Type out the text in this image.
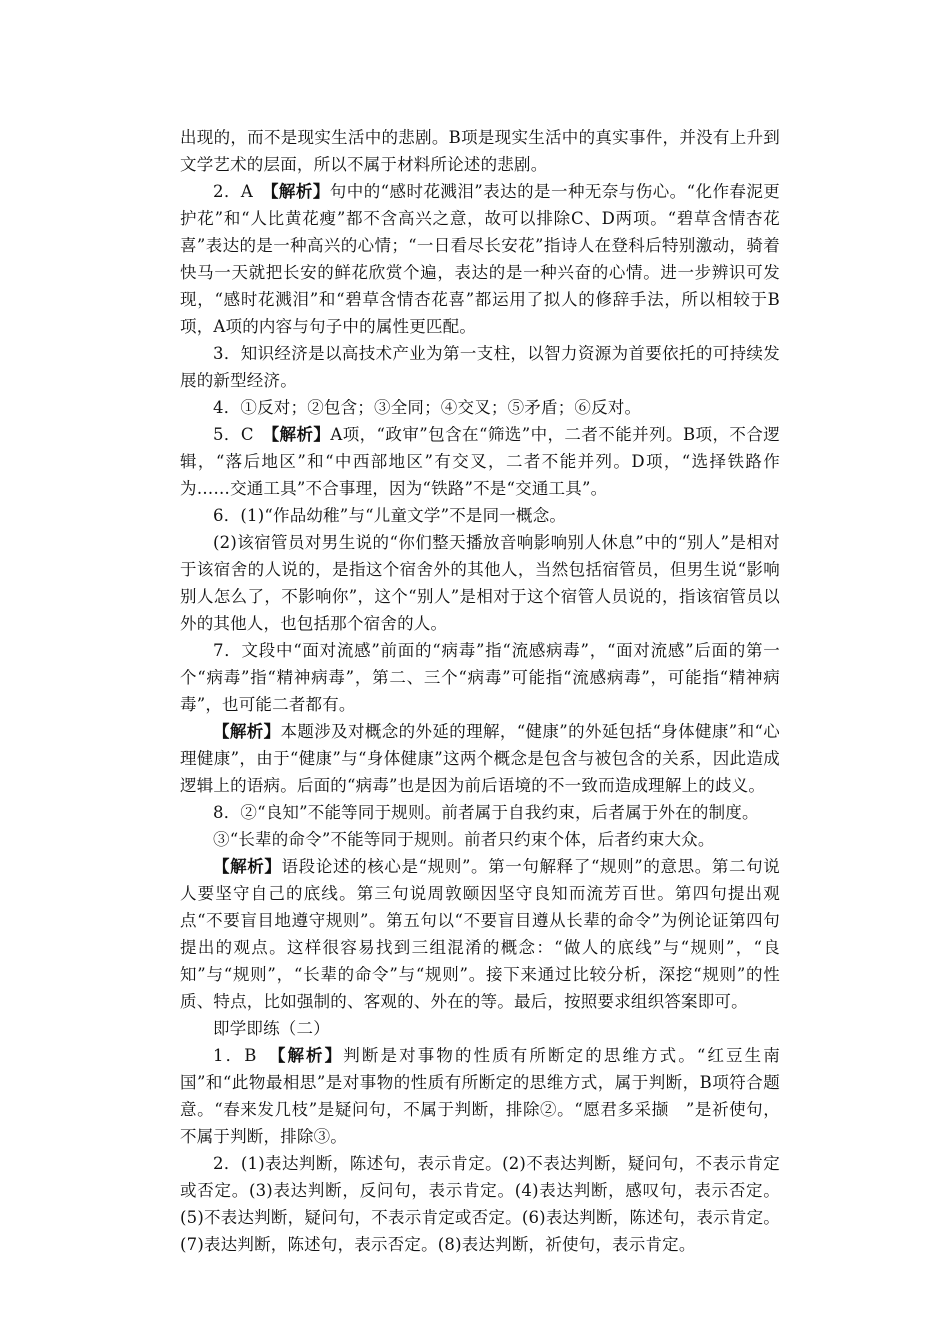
出现的，而不是现实生活中的悲剧。B项是现实生活中的真实事件，并没有上升到文学艺术的层面，所以不属于材料所论述的悲剧。

2．A　【解析】句中的“感时花溅泪”表达的是一种无奈与伤心。“化作春泥更护花”和“人比黄花瘦”都不含高兴之意，故可以排除C、D两项。“碧草含情杏花喜”表达的是一种高兴的心情；“一日看尽长安花”指诗人在登科后特别激动，骑着快马一天就把长安的鲜花欣赏个遍，表达的是一种兴奋的心情。进一步辨识可发现，“感时花溅泪”和“碧草含情杏花喜”都运用了拟人的修辞手法，所以相较于B项，A项的内容与句子中的属性更匹配。

3．知识经济是以高技术产业为第一支柱，以智力资源为首要依托的可持续发展的新型经济。

4．①反对；②包含；③全同；④交叉；⑤矛盾；⑥反对。

5．C　【解析】A项，“政审”包含在“筛选”中，二者不能并列。B项，不合逻辑，“落后地区”和“中西部地区”有交叉，二者不能并列。D项，“选择铁路作为……交通工具”不合事理，因为“铁路”不是“交通工具”。

6．(1)“作品幼稚”与“儿童文学”不是同一概念。

(2)该宿管员对男生说的“你们整天播放音响影响别人休息”中的“别人”是相对于该宿舍的人说的，是指这个宿舍外的其他人，当然包括宿管员，但男生说“影响别人怎么了，不影响你”，这个“别人”是相对于这个宿管人员说的，指该宿管员以外的其他人，也包括那个宿舍的人。

7．文段中“面对流感”前面的“病毒”指“流感病毒”，“面对流感”后面的第一个“病毒”指“精神病毒”，第二、三个“病毒”可能指“流感病毒”，可能指“精神病毒”，也可能二者都有。

【解析】本题涉及对概念的外延的理解，“健康”的外延包括“身体健康”和“心理健康”，由于“健康”与“身体健康”这两个概念是包含与被包含的关系，因此造成逻辑上的语病。后面的“病毒”也是因为前后语境的不一致而造成理解上的歧义。

8．②“良知”不能等同于规则。前者属于自我约束，后者属于外在的制度。

③“长辈的命令”不能等同于规则。前者只约束个体，后者约束大众。

【解析】语段论述的核心是“规则”。第一句解释了“规则”的意思。第二句说人要坚守自己的底线。第三句说周敦颐因坚守良知而流芳百世。第四句提出观点“不要盲目地遵守规则”。第五句以“不要盲目遵从长辈的命令”为例论证第四句提出的观点。这样很容易找到三组混淆的概念：“做人的底线”与“规则”，“良知”与“规则”，“长辈的命令”与“规则”。接下来通过比较分析，深挖“规则”的性质、特点，比如强制的、客观的、外在的等。最后，按照要求组织答案即可。

即学即练（二）

1．B　【解析】判断是对事物的性质有所断定的思维方式。“红豆生南国”和“此物最相思”是对事物的性质有所断定的思维方式，属于判断，B项符合题意。“春来发几枝”是疑问句，不属于判断，排除②。“愿君多采撷　”是祈使句，不属于判断，排除③。

2．(1)表达判断，陈述句，表示肯定。(2)不表达判断，疑问句，不表示肯定或否定。(3)表达判断，反问句，表示肯定。(4)表达判断，感叹句，表示否定。(5)不表达判断，疑问句，不表示肯定或否定。(6)表达判断，陈述句，表示肯定。(7)表达判断，陈述句，表示否定。(8)表达判断，祈使句，表示肯定。
